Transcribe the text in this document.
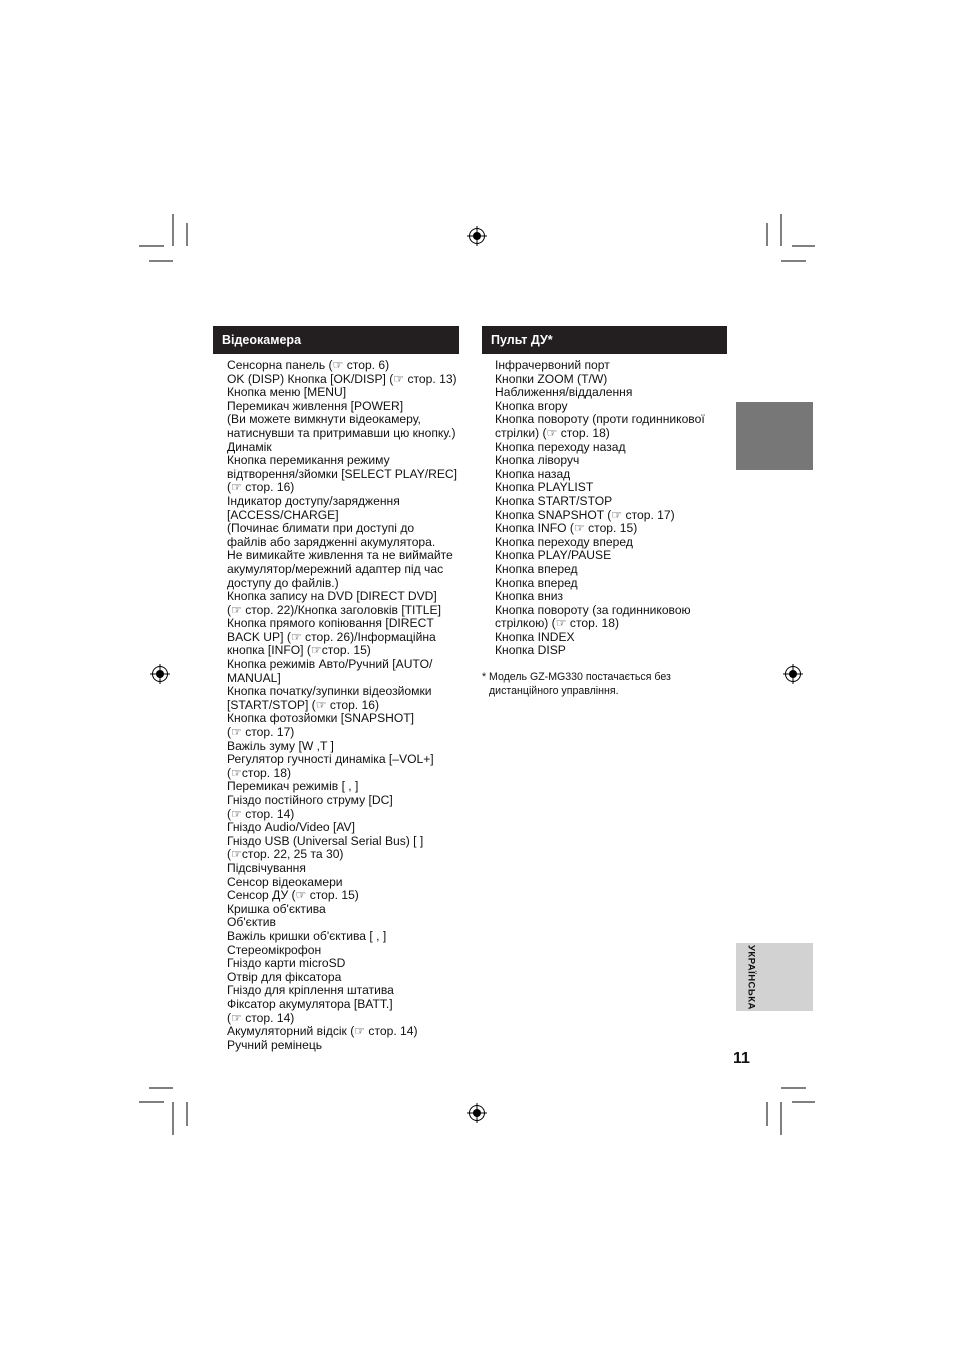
Відеокамера
Сенсорна панель (☞ стор. 6)
OK (DISP) Кнопка [OK/DISP] (☞ стор. 13)
Кнопка меню [MENU]
Перемикач живлення [POWER]
(Ви можете вимкнути відеокамеру,
натиснувши та притримавши цю кнопку.)
Динамік
Кнопка перемикання режиму
відтворення/зйомки [SELECT PLAY/REC]
(☞ стор. 16)
Індикатор доступу/зарядження
[ACCESS/CHARGE]
(Починає блимати при доступі до
файлів або зарядженні акумулятора.
Не вимикайте живлення та не виймайте
акумулятор/мережний адаптер під час
доступу до файлів.)
Кнопка запису на DVD [DIRECT DVD]
(☞ стор. 22)/Кнопка заголовків [TITLE]
Кнопка прямого копіювання [DIRECT
BACK UP] (☞ стор. 26)/Інформаційна
кнопка [INFO] (☞стор. 15)
Кнопка режимів Авто/Ручний [AUTO/
MANUAL]
Кнопка початку/зупинки відеозйомки
[START/STOP] (☞ стор. 16)
Кнопка фотозйомки [SNAPSHOT]
(☞ стор. 17)
Важіль зуму [W ,T ]
Регулятор гучності динаміка [–VOL+]
(☞стор. 18)
Перемикач режимів [ , ]
Гніздо постійного струму [DC]
(☞ стор. 14)
Гніздо Audio/Video [AV]
Гніздо USB (Universal Serial Bus) [ ]
(☞стор. 22, 25 та 30)
Підсвічування
Сенсор відеокамери
Сенсор ДУ (☞ стор. 15)
Кришка об'єктива
Об'єктив
Важіль кришки об'єктива [ , ]
Стереомікрофон
Гніздо карти microSD
Отвір для фіксатора
Гніздо для кріплення штатива
Фіксатор акумулятора [BATT.]
(☞ стор. 14)
Акумуляторний відсік (☞ стор. 14)
Ручний ремінець
Пульт ДУ*
Інфрачервоний порт
Кнопки ZOOM (T/W)
Наближення/віддалення
Кнопка вгору
Кнопка повороту (проти годинникової
стрілки) (☞ стор. 18)
Кнопка переходу назад
Кнопка ліворуч
Кнопка назад
Кнопка PLAYLIST
Кнопка START/STOP
Кнопка SNAPSHOT (☞ стор. 17)
Кнопка INFO (☞ стор. 15)
Кнопка переходу вперед
Кнопка PLAY/PAUSE
Кнопка вперед
Кнопка вперед
Кнопка вниз
Кнопка повороту (за годинниковою
стрілкою) (☞ стор. 18)
Кнопка INDEX
Кнопка DISP
* Модель GZ-MG330 постачається без дистанційного управління.
УКРАЇНСЬКА
11
